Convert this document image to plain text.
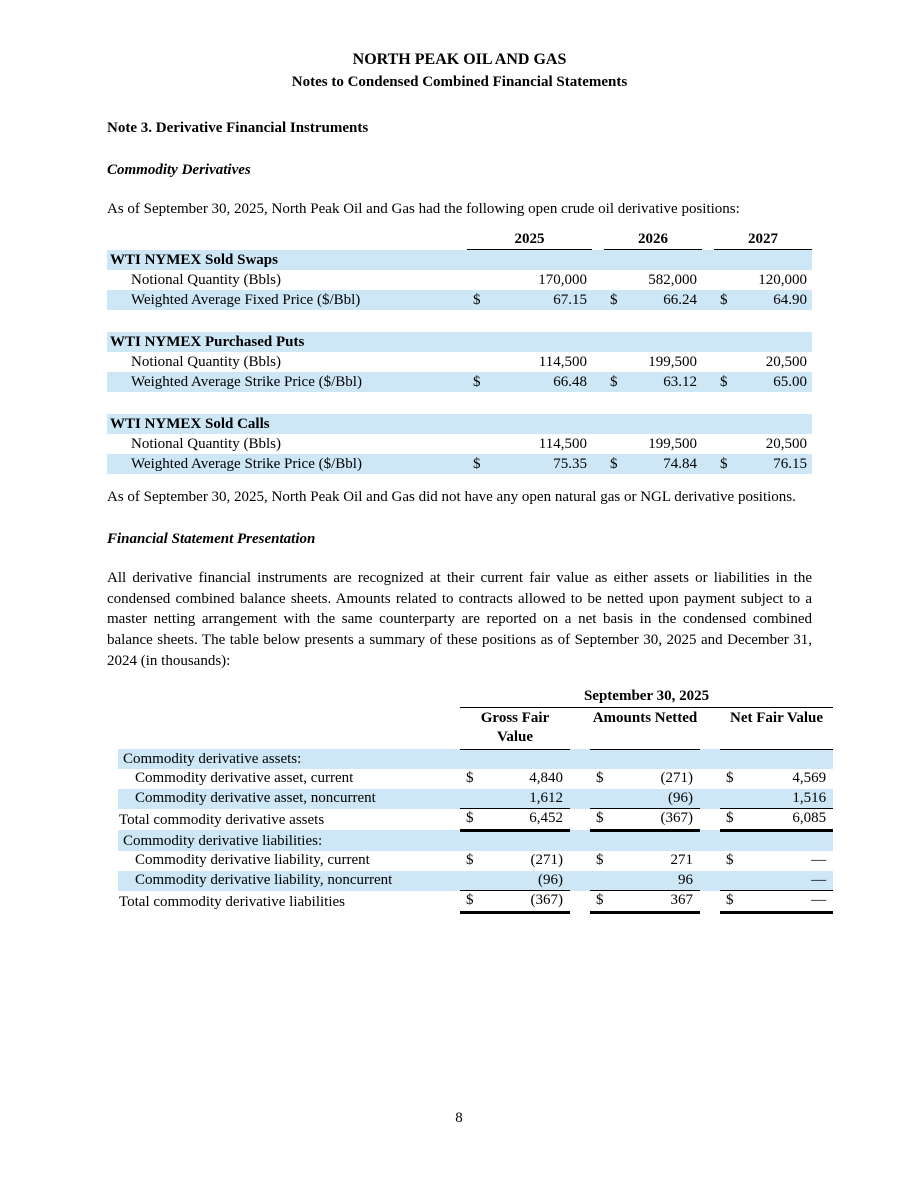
NORTH PEAK OIL AND GAS
Notes to Condensed Combined Financial Statements
Note 3. Derivative Financial Instruments
Commodity Derivatives
As of September 30, 2025, North Peak Oil and Gas had the following open crude oil derivative positions:
	2025		2026		2027
WTI NYMEX Sold Swaps					
Notional Quantity (Bbls)	170,000		582,000		120,000
Weighted Average Fixed Price ($/Bbl)	$ 67.15		$ 66.24		$ 64.90

WTI NYMEX Purchased Puts					
Notional Quantity (Bbls)	114,500		199,500		20,500
Weighted Average Strike Price ($/Bbl)	$ 66.48		$ 63.12		$ 65.00

WTI NYMEX Sold Calls					
Notional Quantity (Bbls)	114,500		199,500		20,500
Weighted Average Strike Price ($/Bbl)	$ 75.35		$ 74.84		$ 76.15
As of September 30, 2025, North Peak Oil and Gas did not have any open natural gas or NGL derivative positions.
Financial Statement Presentation
All derivative financial instruments are recognized at their current fair value as either assets or liabilities in the condensed combined balance sheets. Amounts related to contracts allowed to be netted upon payment subject to a master netting arrangement with the same counterparty are reported on a net basis in the condensed combined balance sheets. The table below presents a summary of these positions as of September 30, 2025 and December 31, 2024 (in thousands):
	September 30, 2025				
	Gross Fair Value		Amounts Netted		Net Fair Value
Commodity derivative assets:					
Commodity derivative asset, current	$ 4,840		$ (271)		$ 4,569

Commodity derivative asset, noncurrent	1,612		(96)		1,516

Total commodity derivative assets	$ 6,452		$ (367)		$ 6,085

Commodity derivative liabilities:					
Commodity derivative liability, current	$ (271)		$ 271		$ —

Commodity derivative liability, noncurrent	(96)		96		—

Total commodity derivative liabilities	$ (367)		$ 367		$ —
8
